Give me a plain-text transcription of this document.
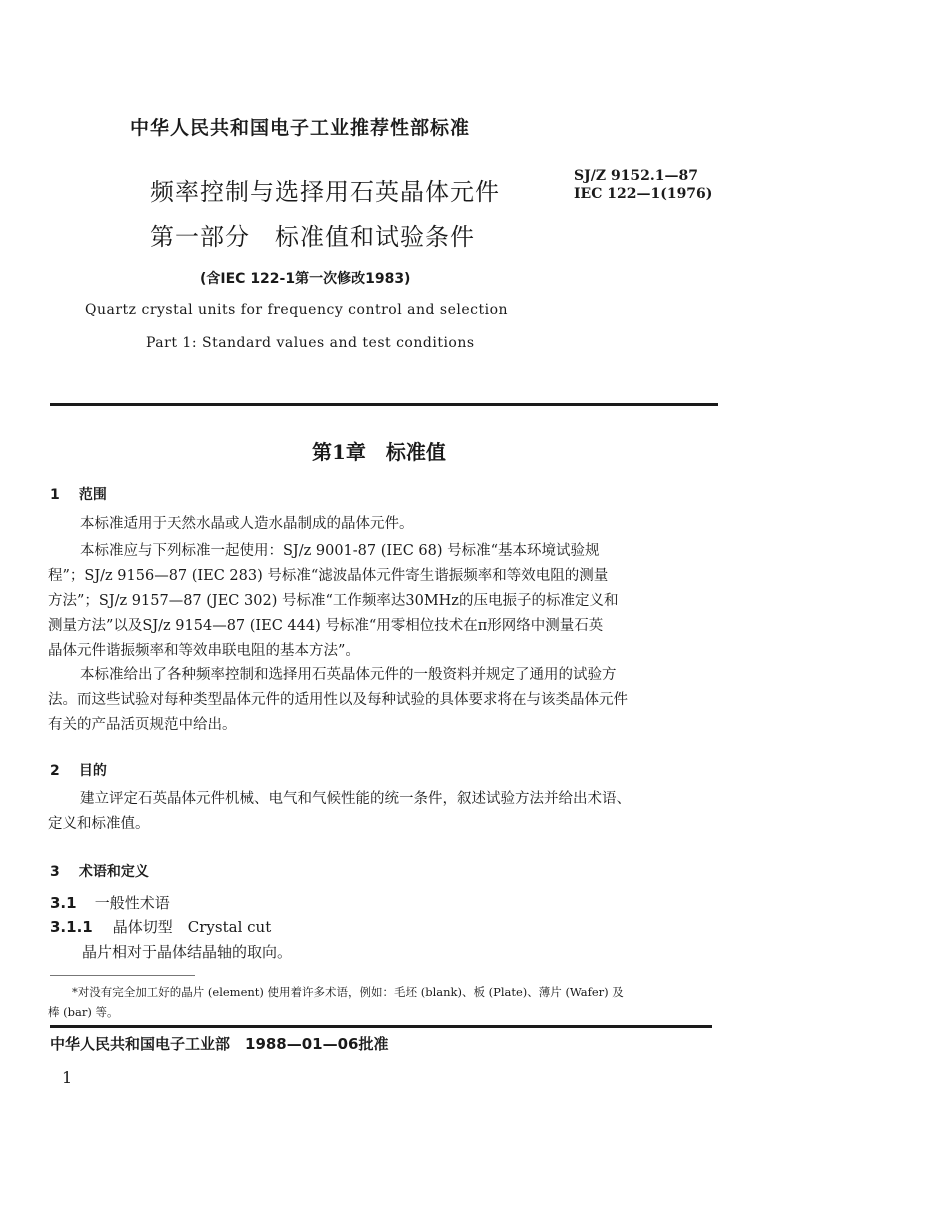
中华人民共和国电子工业推荐性部标准
频率控制与选择用石英晶体元件
第一部分　标准值和试验条件
SJ/Z 9152.1—87
IEC 122—1(1976)
(含IEC 122-1第一次修改1983)
Quartz crystal units for frequency control and selection
Part 1: Standard values and test conditions
第1章　标准值
1 范围
本标准适用于天然水晶或人造水晶制成的晶体元件。
本标准应与下列标准一起使用：SJ/z 9001-87 (IEC 68) 号标准“基本环境试验规
程”；SJ/z 9156—87 (IEC 283) 号标准“滤波晶体元件寄生谐振频率和等效电阻的测量
方法”；SJ/z 9157—87 (JEC 302) 号标准“工作频率达30MHz的压电振子的标准定义和
测量方法”以及SJ/z 9154—87 (IEC 444) 号标准“用零相位技术在π形网络中测量石英
晶体元件谐振频率和等效串联电阻的基本方法”。
本标准给出了各种频率控制和选择用石英晶体元件的一般资料并规定了通用的试验方
法。而这些试验对每种类型晶体元件的适用性以及每种试验的具体要求将在与该类晶体元件
有关的产品活页规范中给出。
2 目的
建立评定石英晶体元件机械、电气和气候性能的统一条件，叙述试验方法并给出术语、
定义和标准值。
3 术语和定义
3.1 一般性术语
3.1.1 晶体切型　Crystal cut
晶片相对于晶体结晶轴的取向。
*对没有完全加工好的晶片 (element) 使用着许多术语，例如：毛坯 (blank)、板 (Plate)、薄片 (Wafer) 及
棒 (bar) 等。
中华人民共和国电子工业部　1988—01—06批准
1
